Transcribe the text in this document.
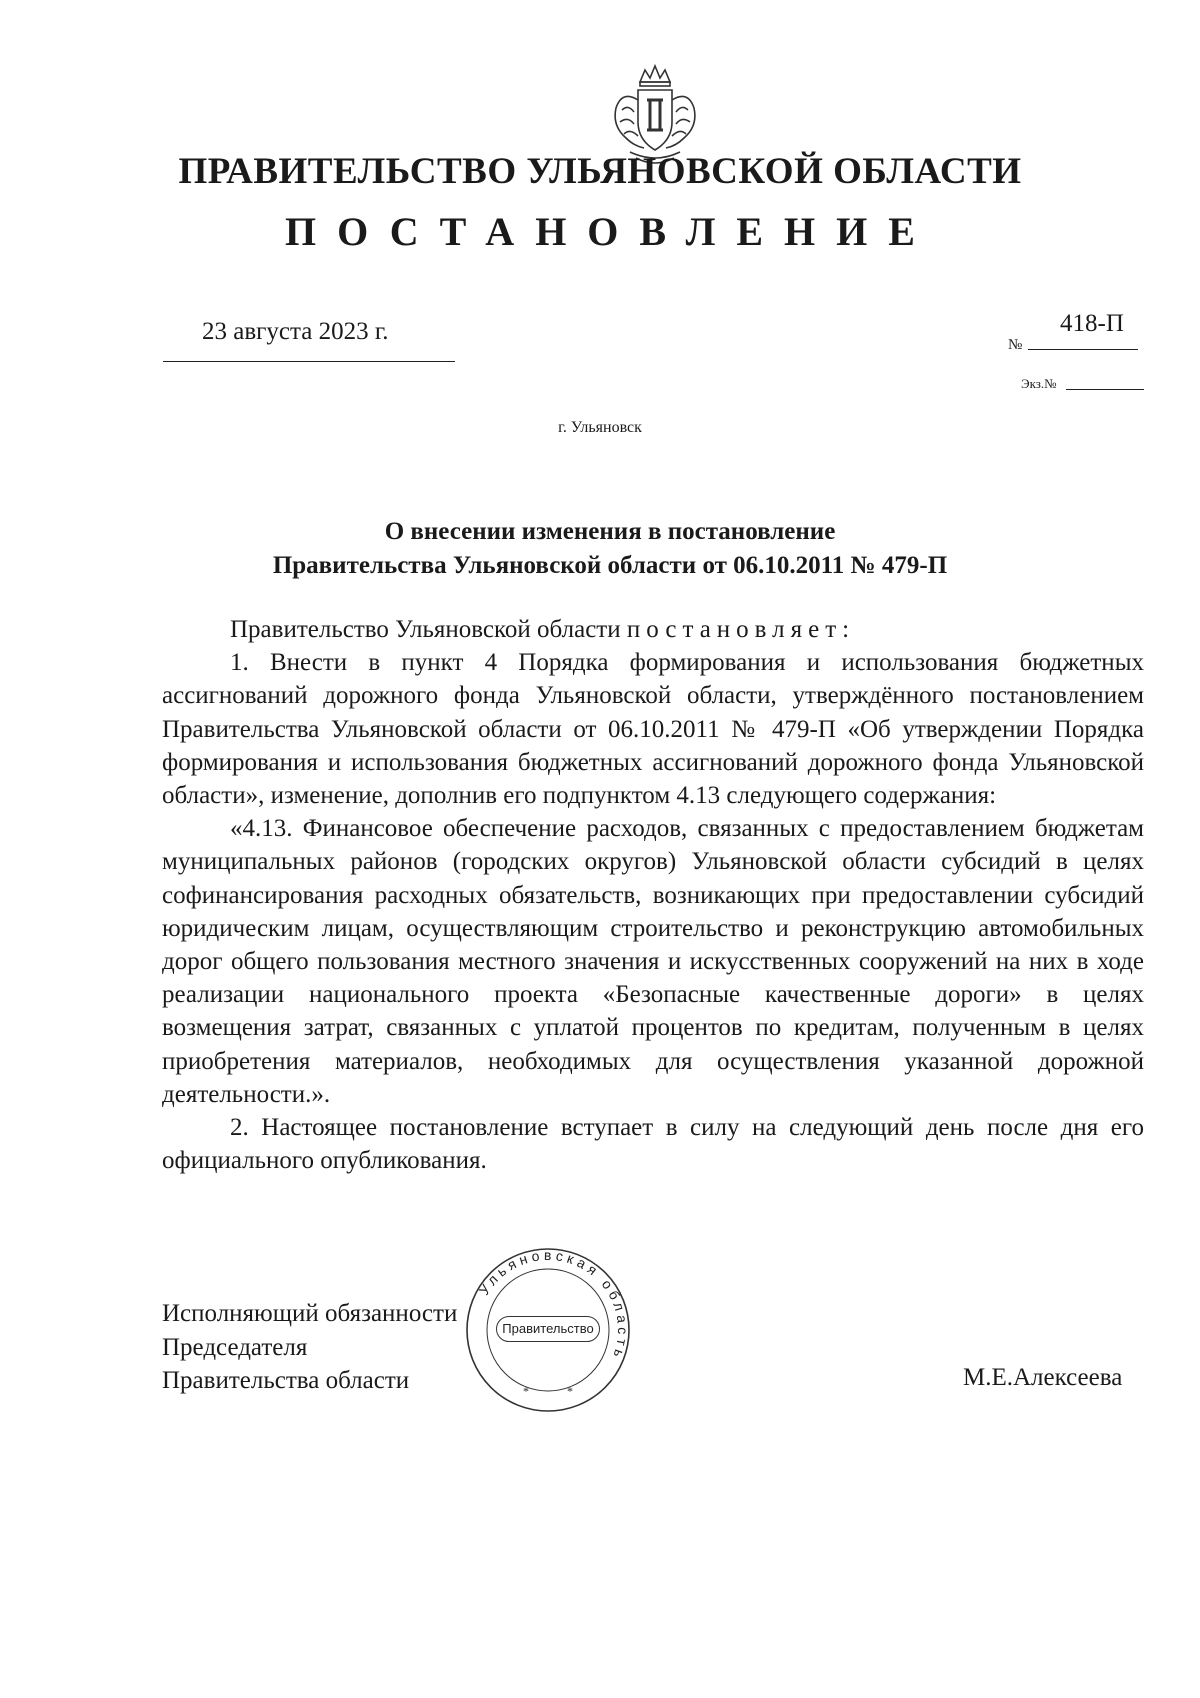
ПРАВИТЕЛЬСТВО УЛЬЯНОВСКОЙ ОБЛАСТИ
ПОСТАНОВЛЕНИЕ
23 августа 2023 г.	№
418-П
Экз.№
г. Ульяновск
О внесении изменения в постановление
Правительства Ульяновской области от 06.10.2011 № 479-П

Правительство Ульяновской области постановляет:

1. Внести в пункт 4 Порядка формирования и использования бюджетных ассигнований дорожного фонда Ульяновской области, утверждённого постановлением Правительства Ульяновской области от 06.10.2011 № 479-П «Об утверждении Порядка формирования и использования бюджетных ассигнований дорожного фонда Ульяновской области», изменение, дополнив его подпунктом 4.13 следующего содержания:

«4.13. Финансовое обеспечение расходов, связанных с предоставлением бюджетам муниципальных районов (городских округов) Ульяновской области субсидий в целях софинансирования расходных обязательств, возникающих при предоставлении субсидий юридическим лицам, осуществляющим строительство и реконструкцию автомобильных дорог общего пользования местного значения и искусственных сооружений на них в ходе реализации национального проекта «Безопасные качественные дороги» в целях возмещения затрат, связанных с уплатой процентов по кредитам, полученным в целях приобретения материалов, необходимых для осуществления указанной дорожной деятельности.».

2. Настоящее постановление вступает в силу на следующий день после дня его официального опубликования.

Исполняющий обязанности
Председателя
Правительства области
Ульяновская область
*	*
Правительство
М.Е.Алексеева
